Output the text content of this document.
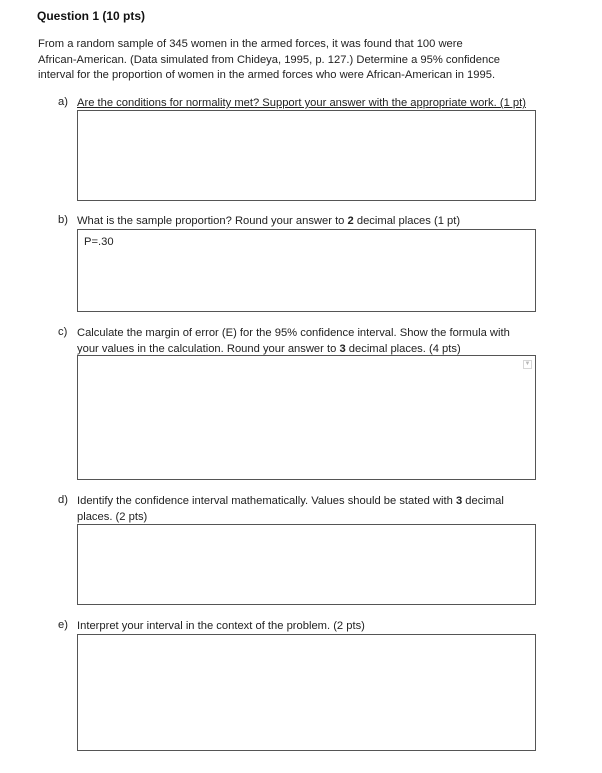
Question 1 (10 pts)
From a random sample of 345 women in the armed forces, it was found that 100 were
African-American. (Data simulated from Chideya, 1995, p. 127.) Determine a 95% confidence
interval for the proportion of women in the armed forces who were African-American in 1995.
a) Are the conditions for normality met? Support your answer with the appropriate work. (1 pt)
b) What is the sample proportion? Round your answer to 2 decimal places (1 pt)
P=.30
c) Calculate the margin of error (E) for the 95% confidence interval. Show the formula with
your values in the calculation. Round your answer to 3 decimal places. (4 pts)
▼
d) Identify the confidence interval mathematically. Values should be stated with 3 decimal
places. (2 pts)
e) Interpret your interval in the context of the problem. (2 pts)
